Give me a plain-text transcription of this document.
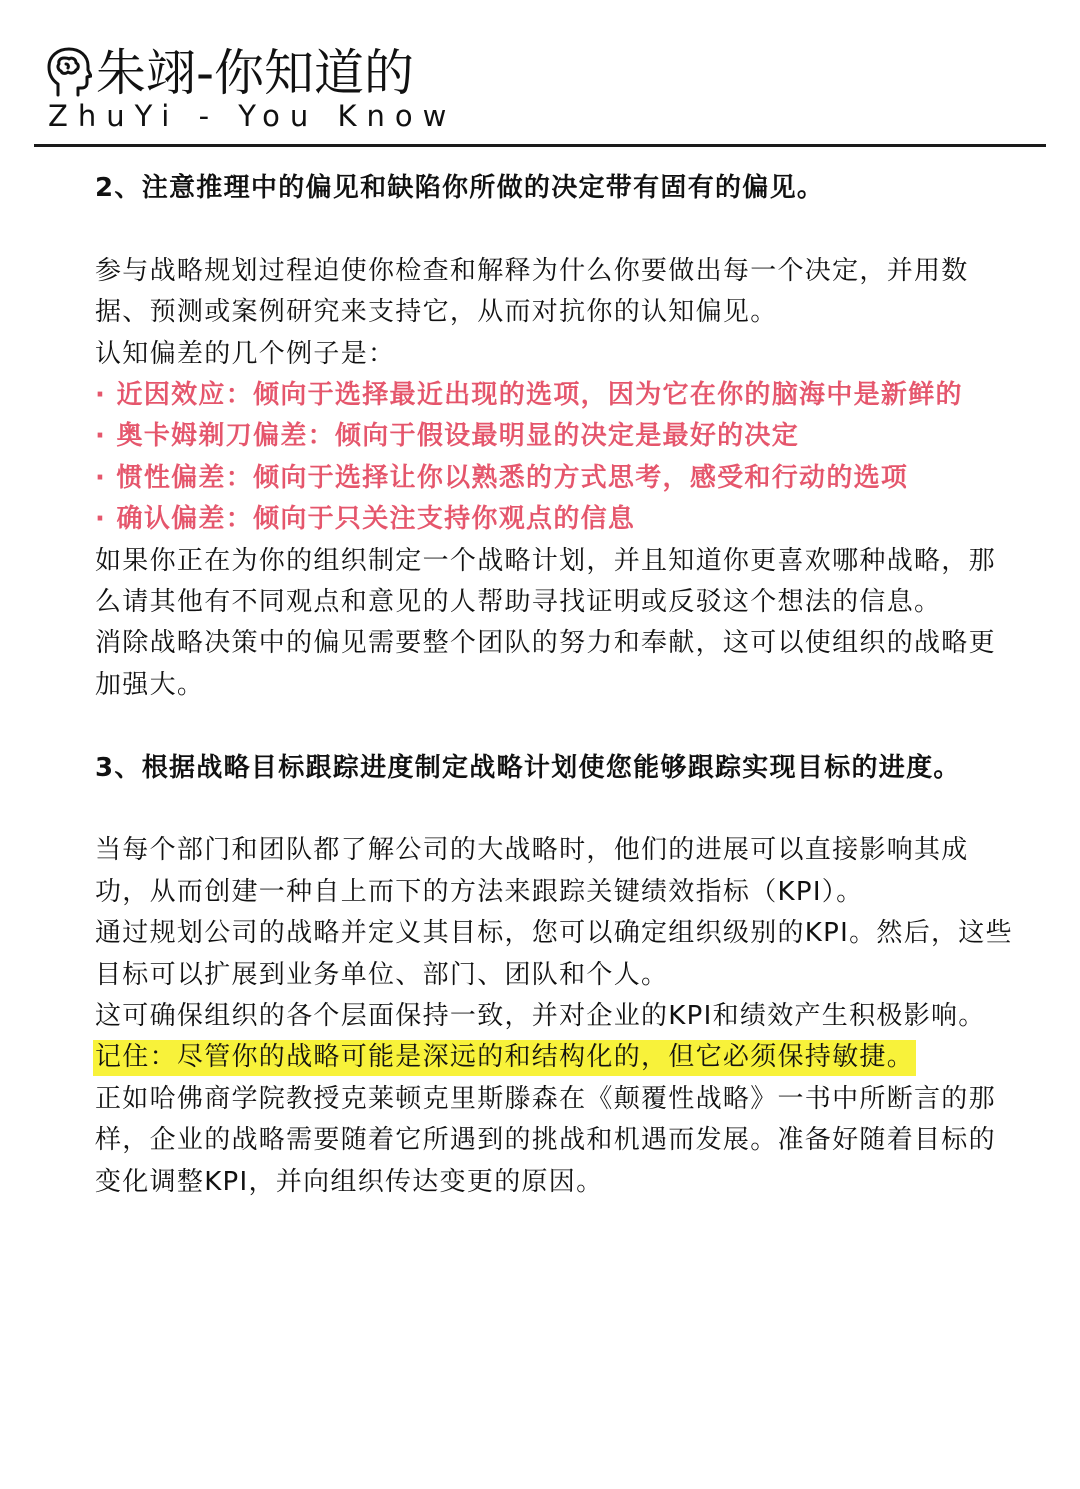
朱翊-你知道的
ZhuYi - You Know

2、注意推理中的偏见和缺陷你所做的决定带有固有的偏见。

参与战略规划过程迫使你检查和解释为什么你要做出每一个决定，并用数据、预测或案例研究来支持它，从而对抗你的认知偏见。

认知偏差的几个例子是：

· 近因效应：倾向于选择最近出现的选项，因为它在你的脑海中是新鲜的

· 奥卡姆剃刀偏差：倾向于假设最明显的决定是最好的决定

· 惯性偏差：倾向于选择让你以熟悉的方式思考，感受和行动的选项

· 确认偏差：倾向于只关注支持你观点的信息

如果你正在为你的组织制定一个战略计划，并且知道你更喜欢哪种战略，那么请其他有不同观点和意见的人帮助寻找证明或反驳这个想法的信息。

消除战略决策中的偏见需要整个团队的努力和奉献，这可以使组织的战略更加强大。

3、根据战略目标跟踪进度制定战略计划使您能够跟踪实现目标的进度。

当每个部门和团队都了解公司的大战略时，他们的进展可以直接影响其成功，从而创建一种自上而下的方法来跟踪关键绩效指标（KPI）。

通过规划公司的战略并定义其目标，您可以确定组织级别的KPI。然后，这些目标可以扩展到业务单位、部门、团队和个人。

这可确保组织的各个层面保持一致，并对企业的KPI和绩效产生积极影响。

记住：尽管你的战略可能是深远的和结构化的，但它必须保持敏捷。

正如哈佛商学院教授克莱顿克里斯滕森在《颠覆性战略》一书中所断言的那样，企业的战略需要随着它所遇到的挑战和机遇而发展。准备好随着目标的变化调整KPI，并向组织传达变更的原因。
